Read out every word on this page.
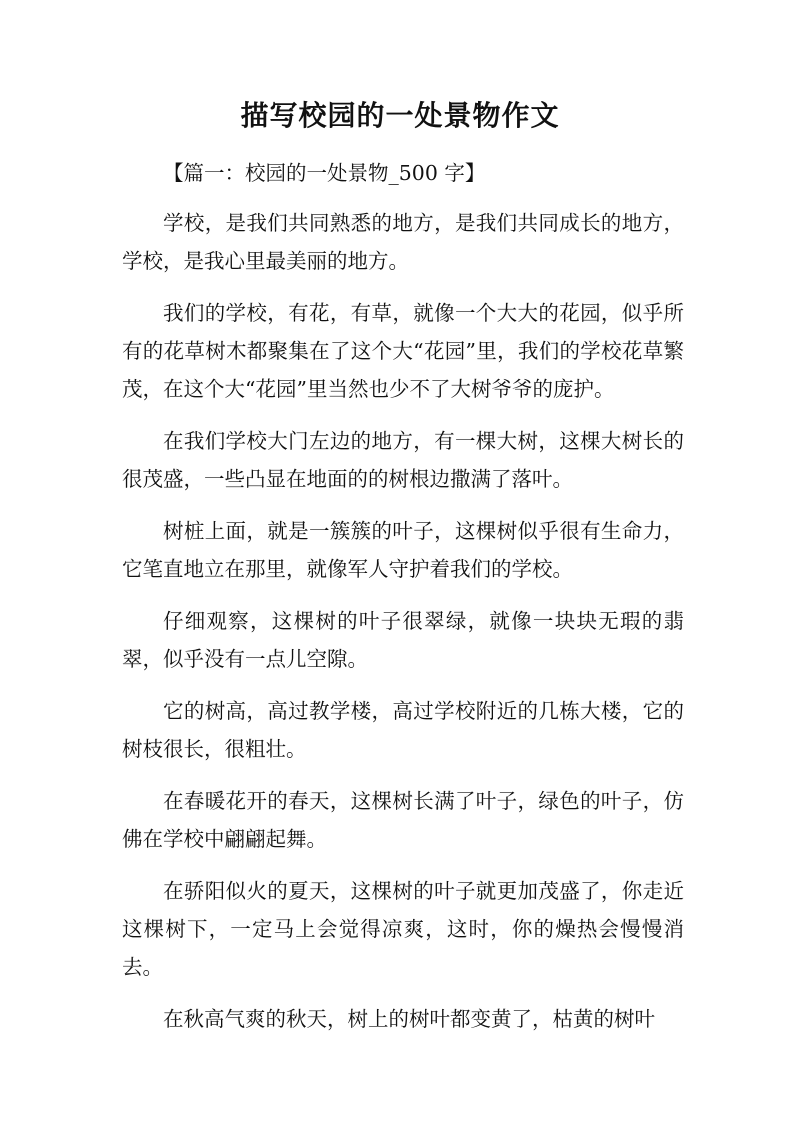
描写校园的一处景物作文

【篇一：校园的一处景物_500 字】

学校，是我们共同熟悉的地方，是我们共同成长的地方，学校，是我心里最美丽的地方。

我们的学校，有花，有草，就像一个大大的花园，似乎所有的花草树木都聚集在了这个大“花园”里，我们的学校花草繁茂，在这个大“花园”里当然也少不了大树爷爷的庞护。

在我们学校大门左边的地方，有一棵大树，这棵大树长的很茂盛，一些凸显在地面的的树根边撒满了落叶。

树桩上面，就是一簇簇的叶子，这棵树似乎很有生命力，它笔直地立在那里，就像军人守护着我们的学校。

仔细观察，这棵树的叶子很翠绿，就像一块块无瑕的翡翠，似乎没有一点儿空隙。

它的树高，高过教学楼，高过学校附近的几栋大楼，它的树枝很长，很粗壮。

在春暖花开的春天，这棵树长满了叶子，绿色的叶子，仿佛在学校中翩翩起舞。

在骄阳似火的夏天，这棵树的叶子就更加茂盛了，你走近这棵树下，一定马上会觉得凉爽，这时，你的燥热会慢慢消去。

在秋高气爽的秋天，树上的树叶都变黄了，枯黄的树叶
